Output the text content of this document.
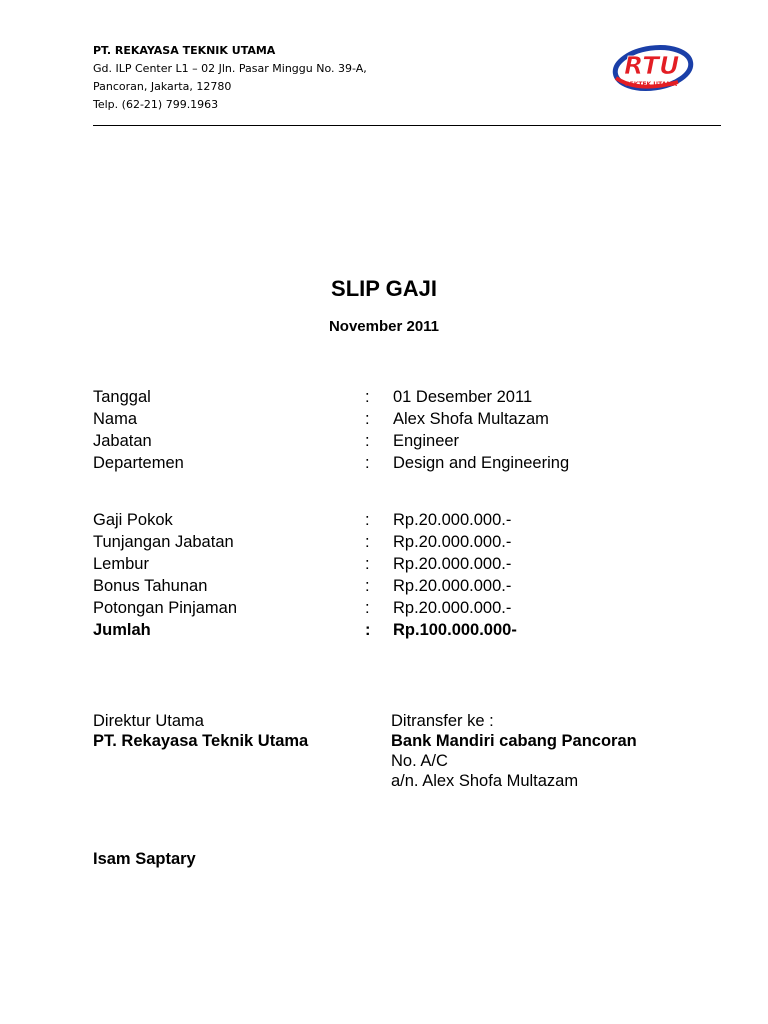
PT. REKAYASA TEKNIK UTAMA
Gd. ILP Center L1 – 02 Jln. Pasar Minggu No. 39-A,
Pancoran, Jakarta, 12780
Telp. (62-21) 799.1963
RTU
REKTEK UTAMA
SLIP GAJI
November 2011
Tanggal	: 01 Desember 2011
Nama	: Alex Shofa Multazam
Jabatan	: Engineer
Departemen	: Design and Engineering
Gaji Pokok	: Rp.20.000.000.-
Tunjangan Jabatan	: Rp.20.000.000.-
Lembur	: Rp.20.000.000.-
Bonus Tahunan	: Rp.20.000.000.-
Potongan Pinjaman	: Rp.20.000.000.-
Jumlah	: Rp.100.000.000-
Direktur Utama
PT. Rekayasa Teknik Utama
Ditransfer ke :
Bank Mandiri cabang Pancoran
No. A/C
a/n. Alex Shofa Multazam
Isam Saptary
